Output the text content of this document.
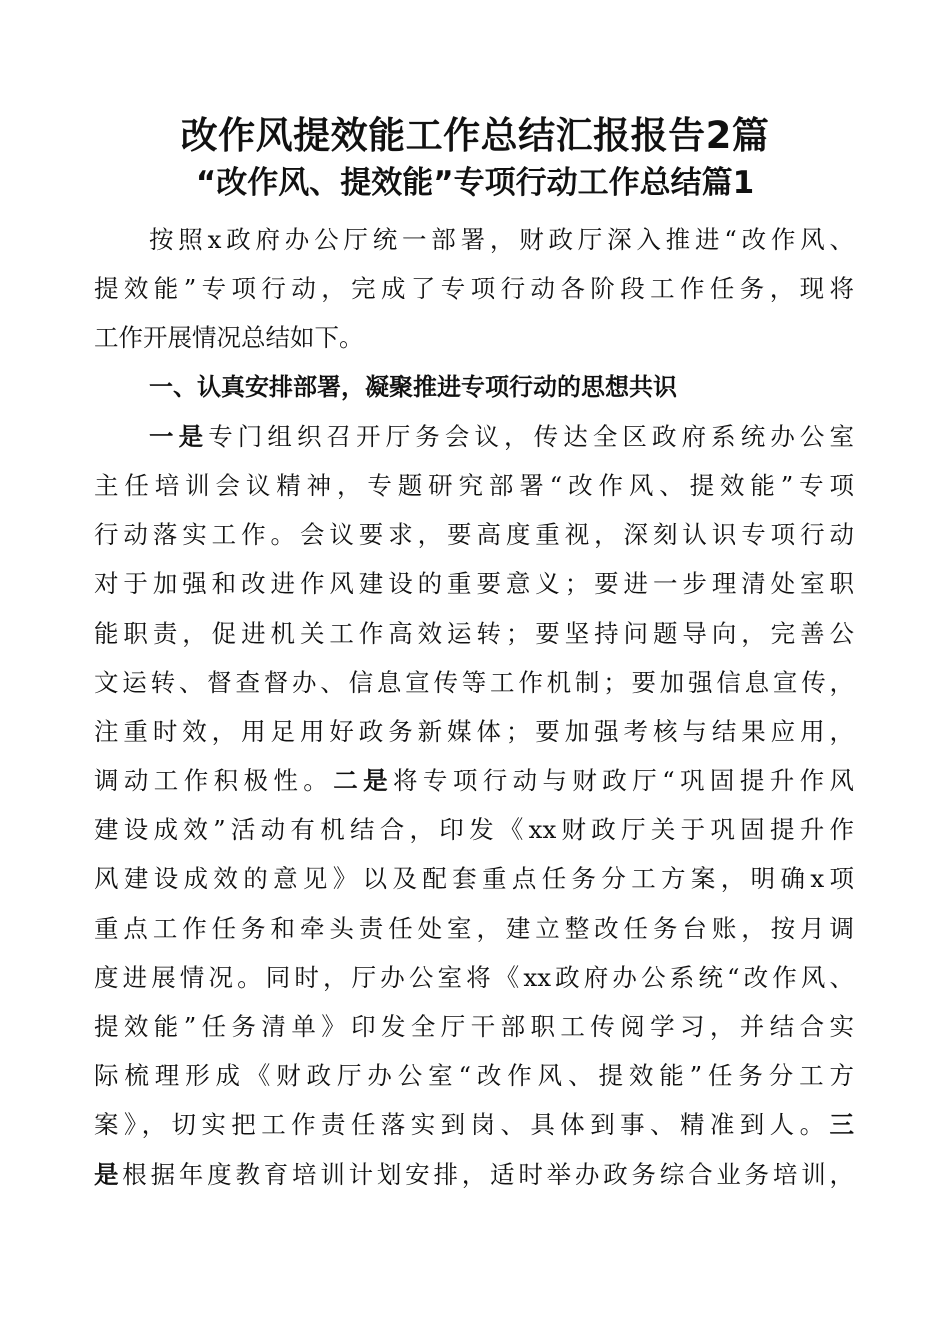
改作风提效能工作总结汇报报告2篇
“改作风、提效能”专项行动工作总结篇1
按照x政府办公厅统一部署，财政厅深入推进“改作风、
提效能”专项行动，完成了专项行动各阶段工作任务，现将
工作开展情况总结如下。
一、认真安排部署，凝聚推进专项行动的思想共识
一是专门组织召开厅务会议，传达全区政府系统办公室
主任培训会议精神，专题研究部署“改作风、提效能”专项
行动落实工作。会议要求，要高度重视，深刻认识专项行动
对于加强和改进作风建设的重要意义；要进一步理清处室职
能职责，促进机关工作高效运转；要坚持问题导向，完善公
文运转、督查督办、信息宣传等工作机制；要加强信息宣传，
注重时效，用足用好政务新媒体；要加强考核与结果应用，
调动工作积极性。二是将专项行动与财政厅“巩固提升作风
建设成效”活动有机结合，印发《xx财政厅关于巩固提升作
风建设成效的意见》以及配套重点任务分工方案，明确x项
重点工作任务和牵头责任处室，建立整改任务台账，按月调
度进展情况。同时，厅办公室将《xx政府办公系统“改作风、
提效能”任务清单》印发全厅干部职工传阅学习，并结合实
际梳理形成《财政厅办公室“改作风、提效能”任务分工方
案》，切实把工作责任落实到岗、具体到事、精准到人。三
是根据年度教育培训计划安排，适时举办政务综合业务培训，
